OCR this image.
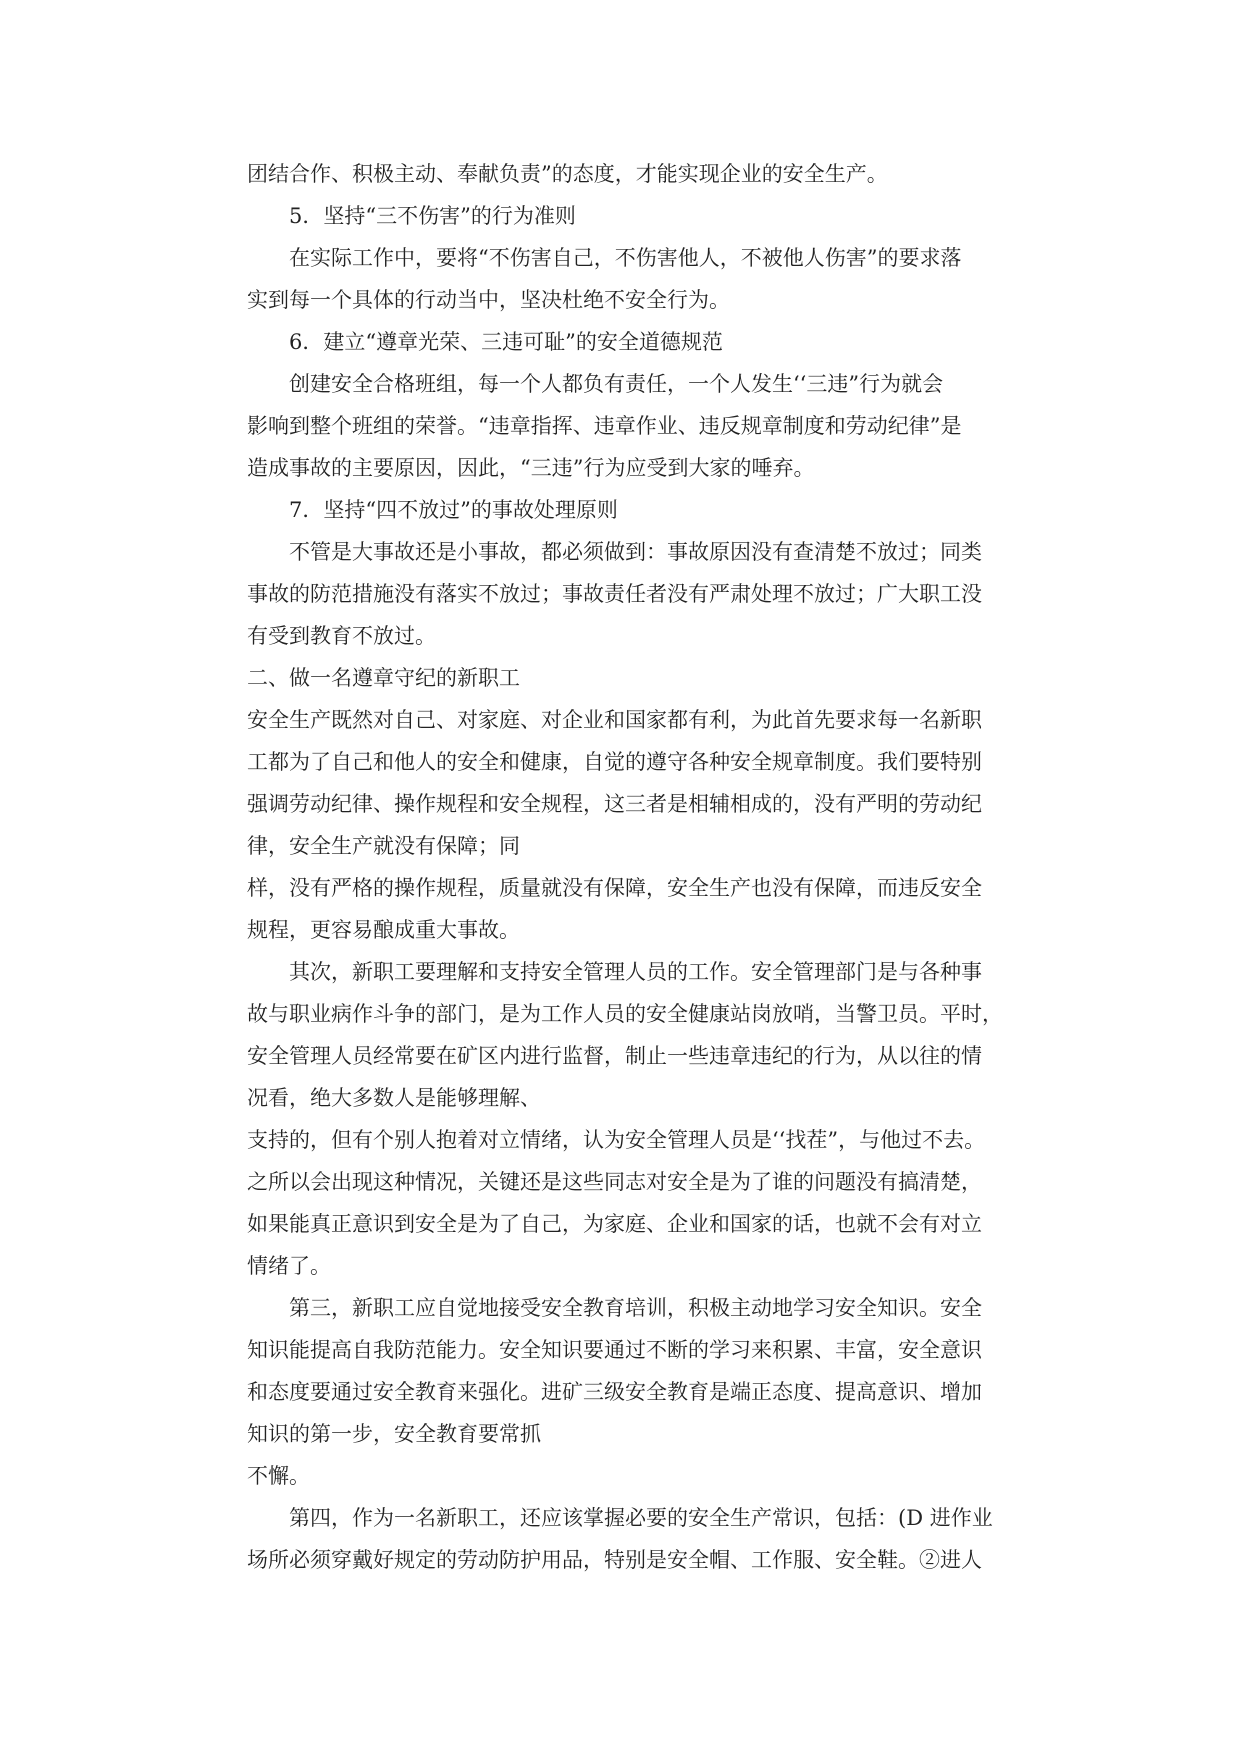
团结合作、积极主动、奉献负责”的态度，才能实现企业的安全生产。
5．坚持“三不伤害”的行为准则
在实际工作中，要将“不伤害自己，不伤害他人，不被他人伤害”的要求落
实到每一个具体的行动当中，坚决杜绝不安全行为。
6．建立“遵章光荣、三违可耻”的安全道德规范
创建安全合格班组，每一个人都负有责任，一个人发生‘‘三违”行为就会
影响到整个班组的荣誉。“违章指挥、违章作业、违反规章制度和劳动纪律”是
造成事故的主要原因，因此，“三违”行为应受到大家的唾弃。
7．坚持“四不放过”的事故处理原则
不管是大事故还是小事故，都必须做到：事故原因没有查清楚不放过；同类
事故的防范措施没有落实不放过；事故责任者没有严肃处理不放过；广大职工没
有受到教育不放过。
二、做一名遵章守纪的新职工
安全生产既然对自己、对家庭、对企业和国家都有利，为此首先要求每一名新职
工都为了自己和他人的安全和健康，自觉的遵守各种安全规章制度。我们要特别
强调劳动纪律、操作规程和安全规程，这三者是相辅相成的，没有严明的劳动纪
律，安全生产就没有保障；同
样，没有严格的操作规程，质量就没有保障，安全生产也没有保障，而违反安全
规程，更容易酿成重大事故。
其次，新职工要理解和支持安全管理人员的工作。安全管理部门是与各种事
故与职业病作斗争的部门，是为工作人员的安全健康站岗放哨，当警卫员。平时，
安全管理人员经常要在矿区内进行监督，制止一些违章违纪的行为，从以往的情
况看，绝大多数人是能够理解、
支持的，但有个别人抱着对立情绪，认为安全管理人员是‘‘找茬”，与他过不去。
之所以会出现这种情况，关键还是这些同志对安全是为了谁的问题没有搞清楚，
如果能真正意识到安全是为了自己，为家庭、企业和国家的话，也就不会有对立
情绪了。
第三，新职工应自觉地接受安全教育培训，积极主动地学习安全知识。安全
知识能提高自我防范能力。安全知识要通过不断的学习来积累、丰富，安全意识
和态度要通过安全教育来强化。进矿三级安全教育是端正态度、提高意识、增加
知识的第一步，安全教育要常抓
不懈。
第四，作为一名新职工，还应该掌握必要的安全生产常识，包括：(D 进作业
场所必须穿戴好规定的劳动防护用品，特别是安全帽、工作服、安全鞋。②进人
